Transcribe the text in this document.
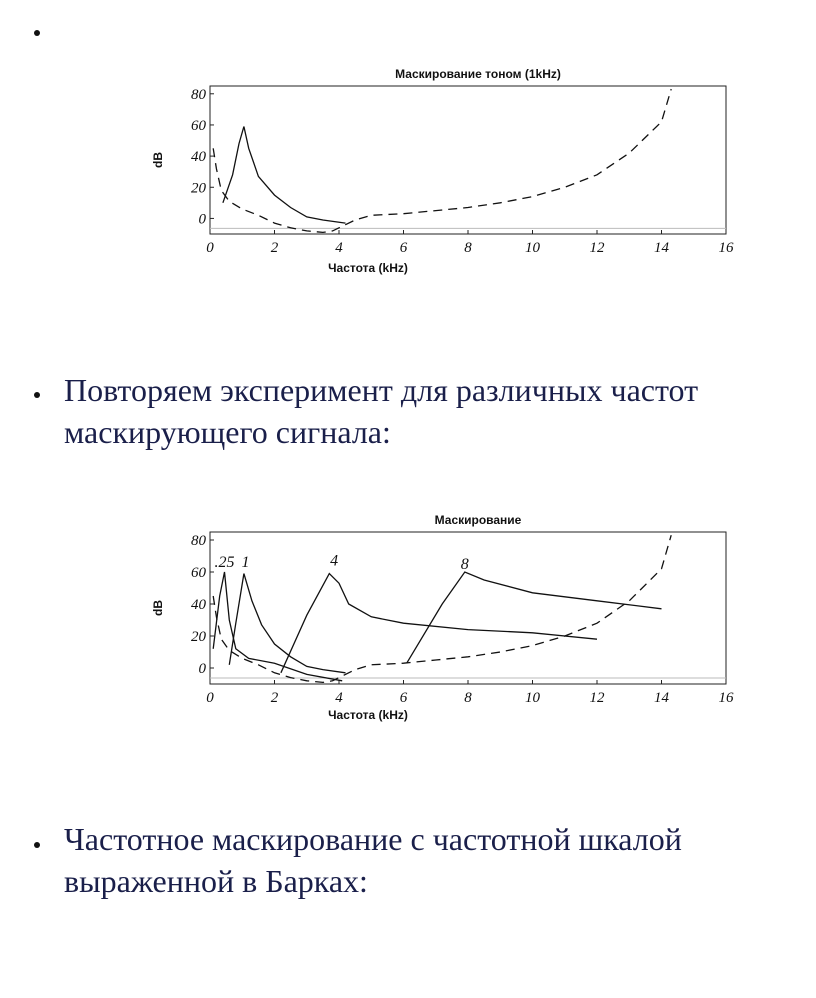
Повторяем эксперимент для различных частот маскирующего сигнала:
Частотное маскирование с частотной шкалой выраженной в Барках:
Маскирование тоном (1kHz)
0	2	4	6	8	10	12	14	16
0
20
40
60
80
Частота (kHz)
dB
Маскирование
0	2	4	6	8	10	12	14	16
0
20
40
60
80
Частота (kHz)
dB
.25 1	4	8
